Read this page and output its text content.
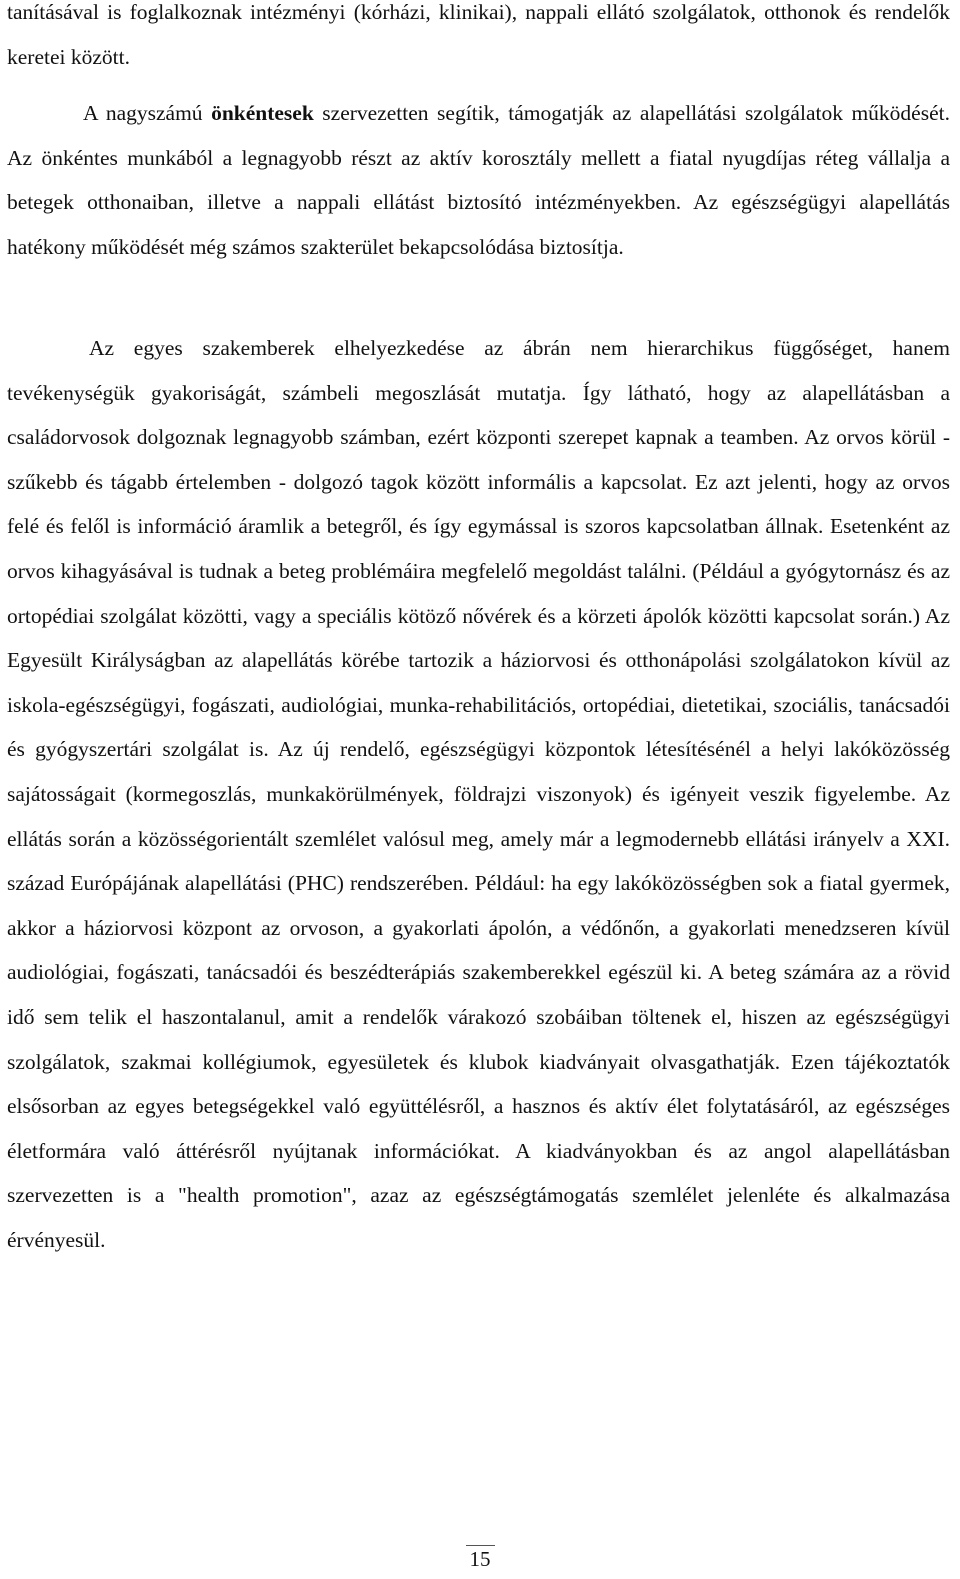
tanításával is foglalkoznak intézményi (kórházi, klinikai), nappali ellátó szolgálatok, otthonok és rendelők keretei között.

A nagyszámú önkéntesek szervezetten segítik, támogatják az alapellátási szolgálatok működését. Az önkéntes munkából a legnagyobb részt az aktív korosztály mellett a fiatal nyugdíjas réteg vállalja a betegek otthonaiban, illetve a nappali ellátást biztosító intézményekben. Az egészségügyi alapellátás hatékony működését még számos szakterület bekapcsolódása biztosítja.

Az egyes szakemberek elhelyezkedése az ábrán nem hierarchikus függőséget, hanem tevékenységük gyakoriságát, számbeli megoszlását mutatja. Így látható, hogy az alapellátásban a családorvosok dolgoznak legnagyobb számban, ezért központi szerepet kapnak a teamben. Az orvos körül - szűkebb és tágabb értelemben - dolgozó tagok között informális a kapcsolat. Ez azt jelenti, hogy az orvos felé és felől is információ áramlik a betegről, és így egymással is szoros kapcsolatban állnak. Esetenként az orvos kihagyásával is tudnak a beteg problémáira megfelelő megoldást találni. (Például a gyógytornász és az ortopédiai szolgálat közötti, vagy a speciális kötöző nővérek és a körzeti ápolók közötti kapcsolat során.) Az Egyesült Királyságban az alapellátás körébe tartozik a háziorvosi és otthonápolási szolgálatokon kívül az iskola-egészségügyi, fogászati, audiológiai, munka-rehabilitációs, ortopédiai, dietetikai, szociális, tanácsadói és gyógyszertári szolgálat is. Az új rendelő, egészségügyi központok létesítésénél a helyi lakóközösség sajátosságait (kormegoszlás, munkakörülmények, földrajzi viszonyok) és igényeit veszik figyelembe. Az ellátás során a közösségorientált szemlélet valósul meg, amely már a legmodernebb ellátási irányelv a XXI. század Európájának alapellátási (PHC) rendszerében. Például: ha egy lakóközösségben sok a fiatal gyermek, akkor a háziorvosi központ az orvoson, a gyakorlati ápolón, a védőnőn, a gyakorlati menedzseren kívül audiológiai, fogászati, tanácsadói és beszédterápiás szakemberekkel egészül ki. A beteg számára az a rövid idő sem telik el haszontalanul, amit a rendelők várakozó szobáiban töltenek el, hiszen az egészségügyi szolgálatok, szakmai kollégiumok, egyesületek és klubok kiadványait olvasgathatják. Ezen tájékoztatók elsősorban az egyes betegségekkel való együttélésről, a hasznos és aktív élet folytatásáról, az egészséges életformára való áttérésről nyújtanak információkat. A kiadványokban és az angol alapellátásban szervezetten is a "health promotion", azaz az egészségtámogatás szemlélet jelenléte és alkalmazása érvényesül.

15
